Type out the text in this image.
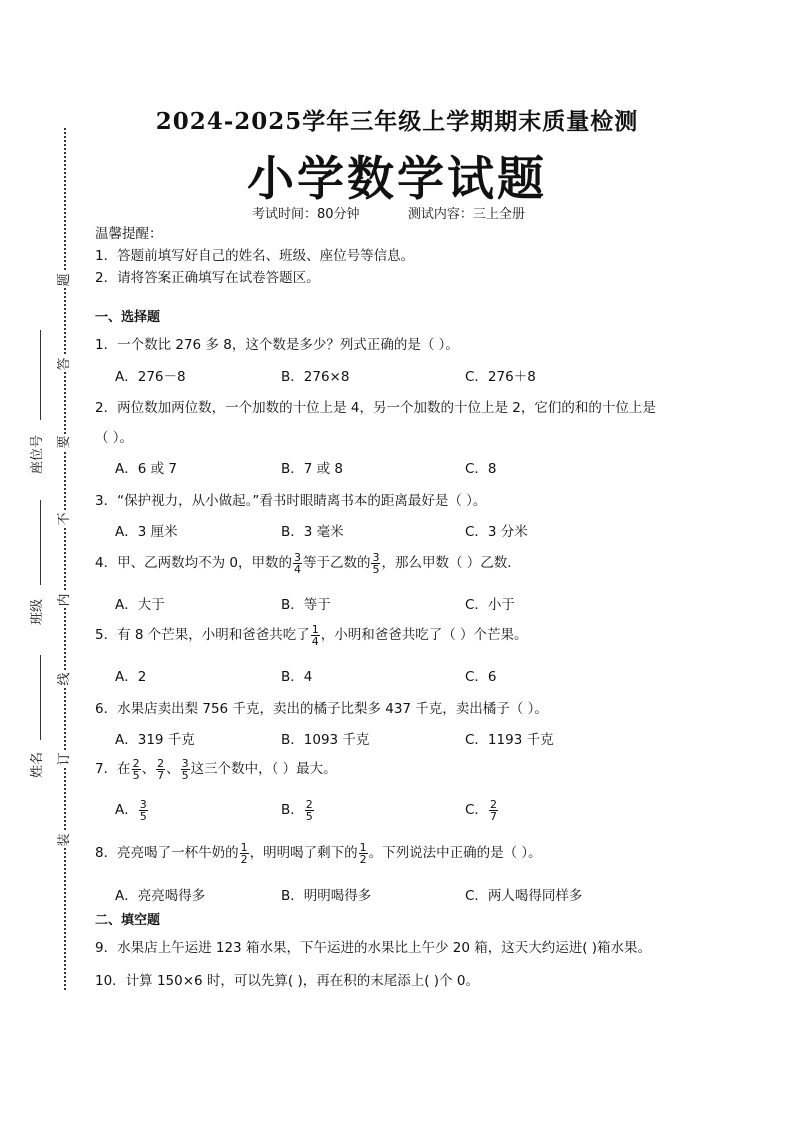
题
答
要
不
内
线
订
装
座位号
班级
姓名
2024-2025学年三年级上学期期末质量检测
小学数学试题
考试时间：80分钟	测试内容：三上全册
温馨提醒：
1．答题前填写好自己的姓名、班级、座位号等信息。
2．请将答案正确填写在试卷答题区。
一、选择题
1．一个数比 276 多 8，这个数是多少？列式正确的是（ ）。
A．276－8	B．276×8	C．276＋8
2．两位数加两位数，一个加数的十位上是 4，另一个加数的十位上是 2，它们的和的十位上是
（ ）。
A．6 或 7	B．7 或 8	C．8
3．“保护视力，从小做起。”看书时眼睛离书本的距离最好是（ ）。
A．3 厘米	B．3 毫米	C．3 分米
4．甲、乙两数均不为 0，甲数的 $\frac{3}{4}$ 等于乙数的 $\frac{3}{5}$ ，那么甲数（ ）乙数.
A．大于	B．等于	C．小于
5．有 8 个芒果，小明和爸爸共吃了 $\frac{1}{4}$ ，小明和爸爸共吃了（ ）个芒果。
A．2	B．4	C．6
6．水果店卖出梨 756 千克，卖出的橘子比梨多 437 千克，卖出橘子（ ）。
A．319 千克	B．1093 千克	C．1193 千克
7．在 $\frac{2}{5}$ 、 $\frac{2}{7}$ 、 $\frac{3}{5}$ 这三个数中，（ ）最大。
A． $\frac{3}{5}$	B． $\frac{2}{5}$	C． $\frac{2}{7}$
8．亮亮喝了一杯牛奶的 $\frac{1}{2}$ ，明明喝了剩下的 $\frac{1}{2}$ 。下列说法中正确的是（ ）。
A．亮亮喝得多	B．明明喝得多	C．两人喝得同样多
二、填空题
9．水果店上午运进 123 箱水果，下午运进的水果比上午少 20 箱，这天大约运进( )箱水果。
10．计算 150×6 时，可以先算( )，再在积的末尾添上( )个 0。
